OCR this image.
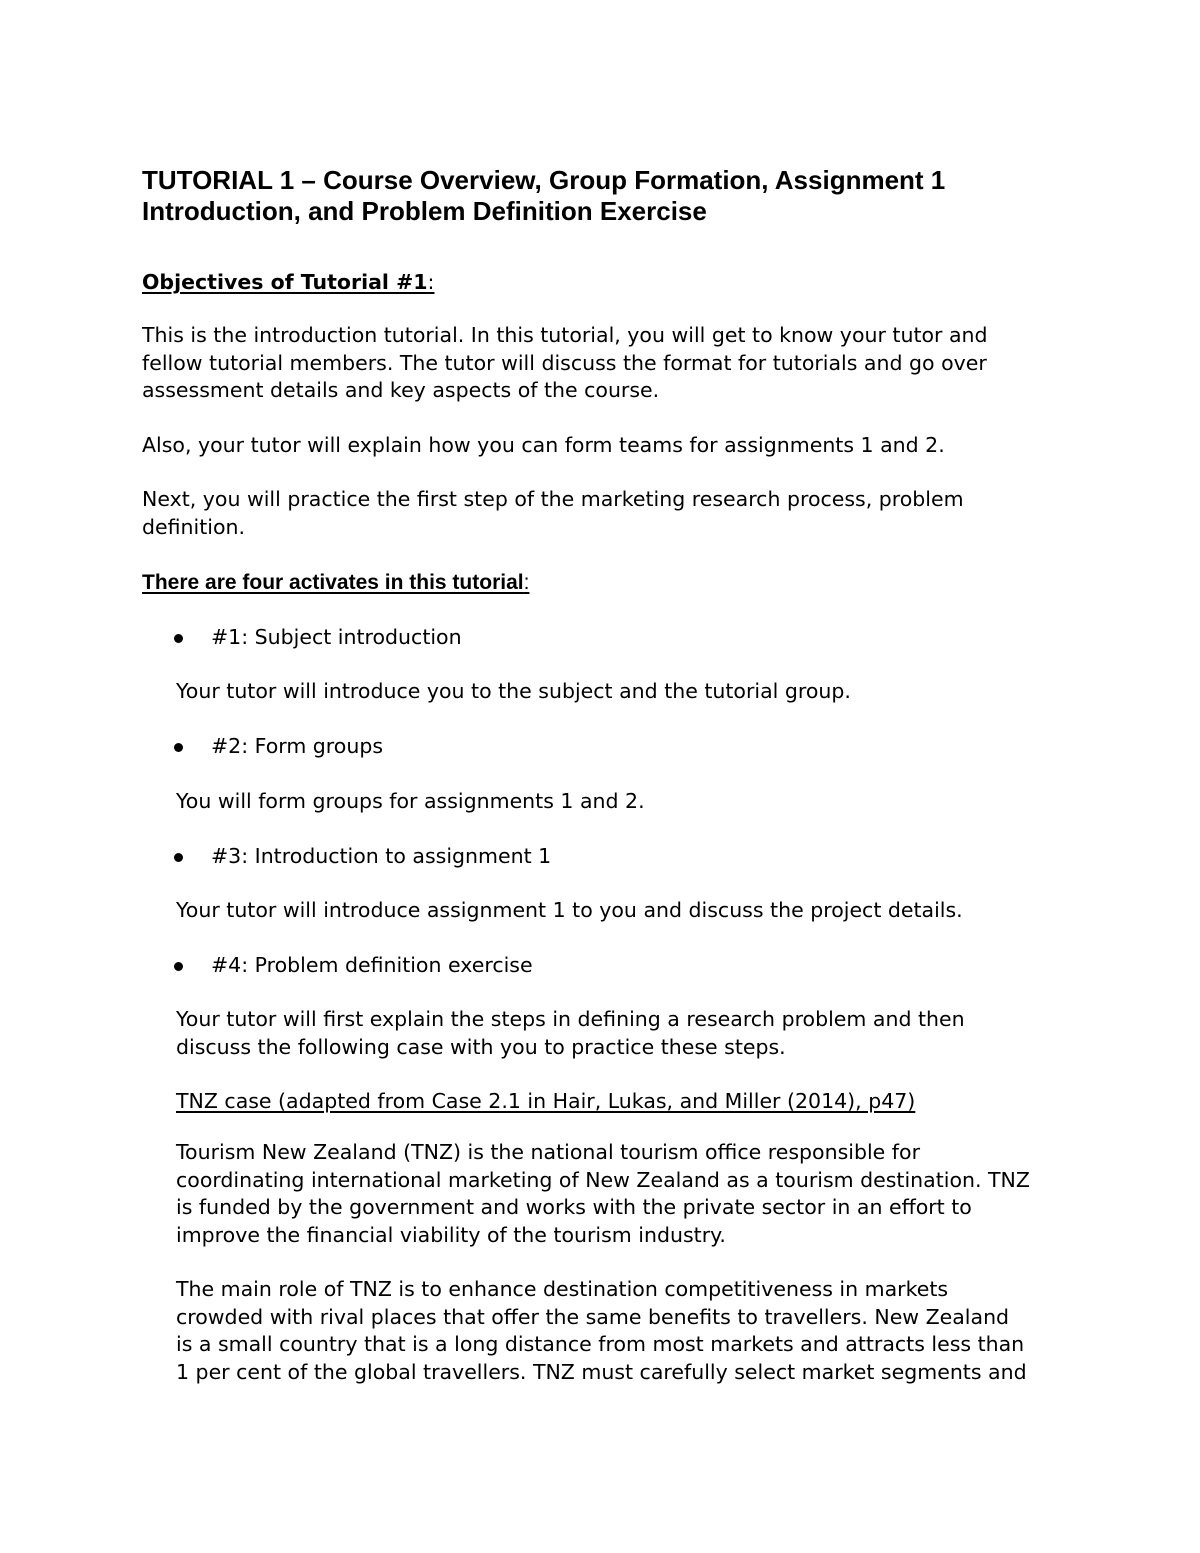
TUTORIAL 1 – Course Overview, Group Formation, Assignment 1
Introduction, and Problem Definition Exercise

Objectives of Tutorial #1:

This is the introduction tutorial. In this tutorial, you will get to know your tutor and

fellow tutorial members. The tutor will discuss the format for tutorials and go over

assessment details and key aspects of the course.

Also, your tutor will explain how you can form teams for assignments 1 and 2.

Next, you will practice the first step of the marketing research process, problem

definition.

There are four activates in this tutorial:

#1: Subject introduction

Your tutor will introduce you to the subject and the tutorial group.

#2: Form groups

You will form groups for assignments 1 and 2.

#3: Introduction to assignment 1

Your tutor will introduce assignment 1 to you and discuss the project details.

#4: Problem definition exercise

Your tutor will first explain the steps in defining a research problem and then

discuss the following case with you to practice these steps.

TNZ case (adapted from Case 2.1 in Hair, Lukas, and Miller (2014), p47)

Tourism New Zealand (TNZ) is the national tourism office responsible for

coordinating international marketing of New Zealand as a tourism destination. TNZ

is funded by the government and works with the private sector in an effort to

improve the financial viability of the tourism industry.

The main role of TNZ is to enhance destination competitiveness in markets

crowded with rival places that offer the same benefits to travellers. New Zealand

is a small country that is a long distance from most markets and attracts less than

1 per cent of the global travellers. TNZ must carefully select market segments and
